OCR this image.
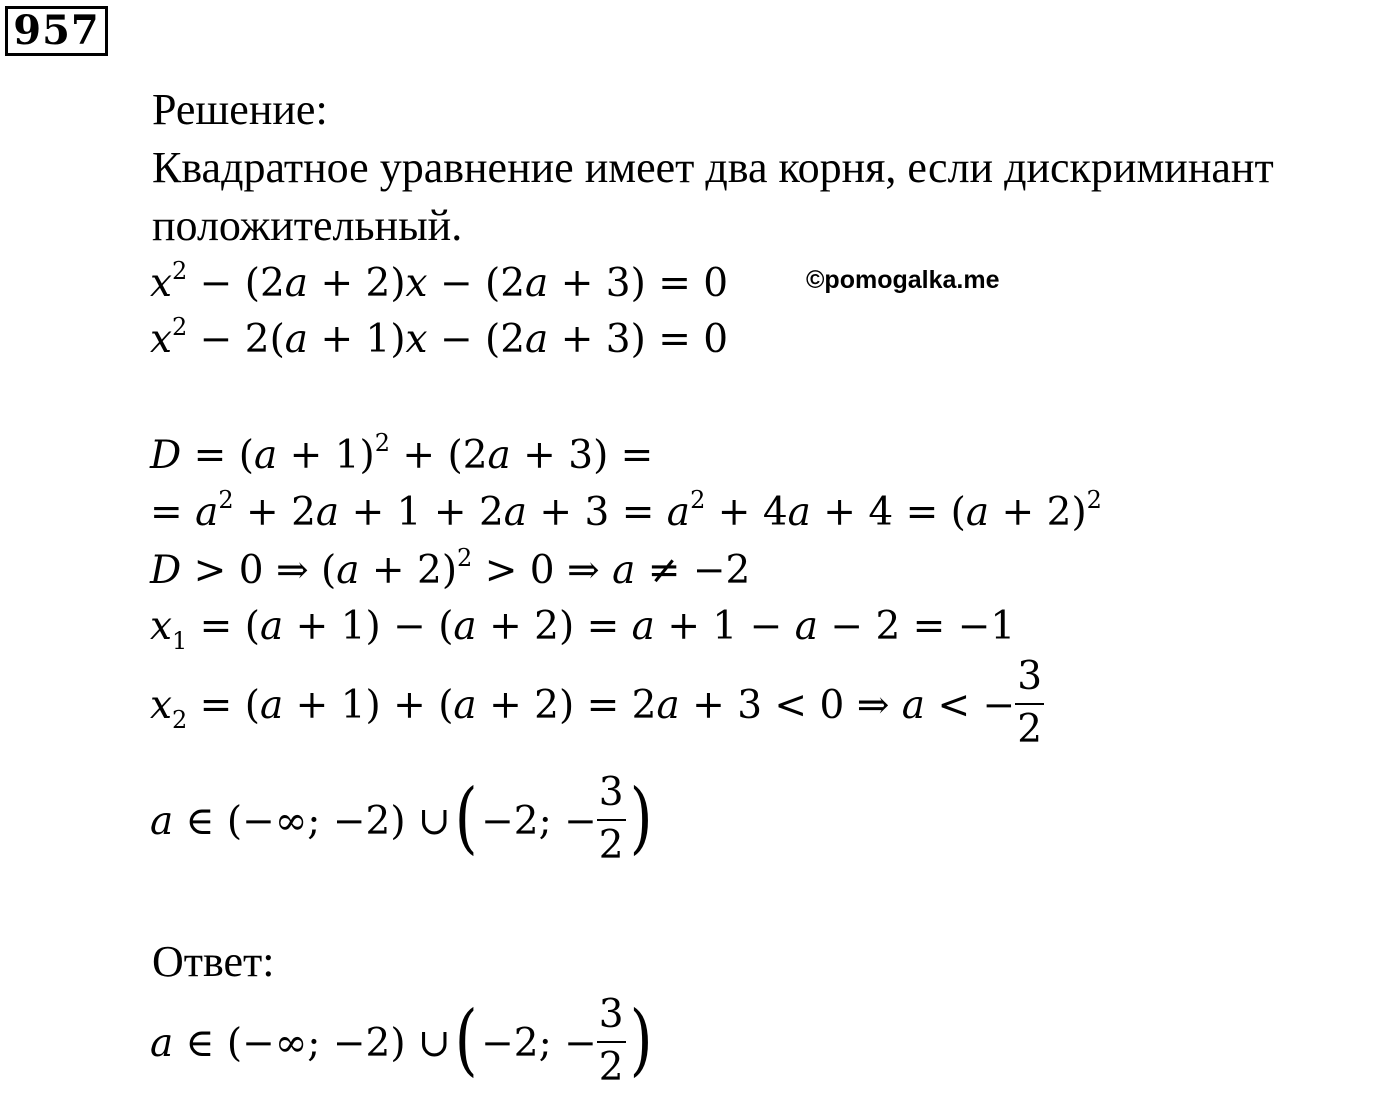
957
Решение:
Квадратное уравнение имеет два корня, если дискриминант
положительный.
$x^2 - (2a + 2)x - (2a + 3) = 0$	©pomogalka.me
$x^2 - 2(a + 1)x - (2a + 3) = 0$
$D = (a + 1)^2 + (2a + 3)$ =
= $a^2 + 2a + 1 + 2a + 3 = a^2 + 4a + 4 = (a + 2)^2$
D > 0 ⇒ $(a + 2)^2 > 0$ ⇒ a ≠ −2
$x_1 = (a + 1) - (a + 2) = a + 1 - a - 2 = -1$
$x_2 = (a + 1) + (a + 2) = 2a + 3 < 0$ ⇒ a < − $\frac{3}{2}$
a ∈ (−∞; −2) ∪(−2; − $\frac{3}{2}$ )
Ответ:
a ∈ (−∞; −2) ∪(−2; − $\frac{3}{2}$ )
